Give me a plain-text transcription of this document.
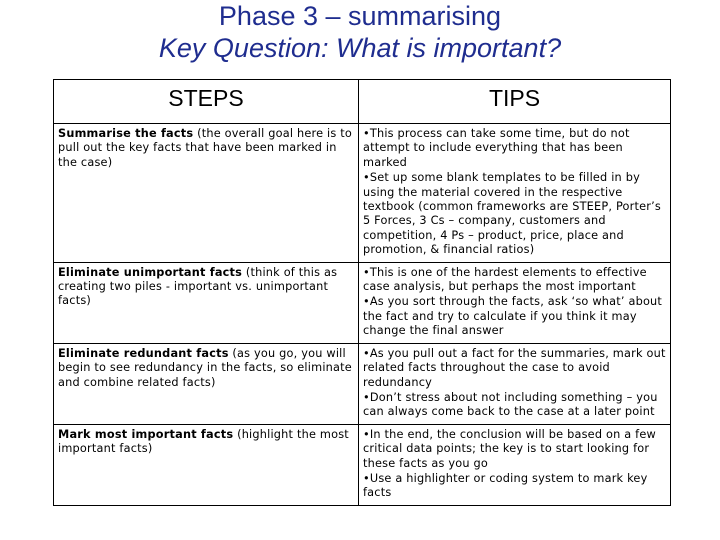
Phase 3 – summarising
Key Question: What is important?
STEPS	TIPS
Summarise the facts (the overall goal here is to pull out the key facts that have been marked in the case)	•This process can take some time, but do not attempt to include everything that has been marked
•Set up some blank templates to be filled in by using the material covered in the respective textbook (common frameworks are STEEP, Porter’s 5 Forces, 3 Cs – company, customers and competition, 4 Ps – product, price, place and promotion, & financial ratios)

Eliminate unimportant facts (think of this as creating two piles - important vs. unimportant facts)	•This is one of the hardest elements to effective case analysis, but perhaps the most important
•As you sort through the facts, ask ‘so what’ about the fact and try to calculate if you think it may change the final answer

Eliminate redundant facts (as you go, you will begin to see redundancy in the facts, so eliminate and combine related facts)	•As you pull out a fact for the summaries, mark out related facts throughout the case to avoid redundancy
•Don’t stress about not including something – you can always come back to the case at a later point

Mark most important facts (highlight the most important facts)	•In the end, the conclusion will be based on a few critical data points; the key is to start looking for these facts as you go
•Use a highlighter or coding system to mark key facts
